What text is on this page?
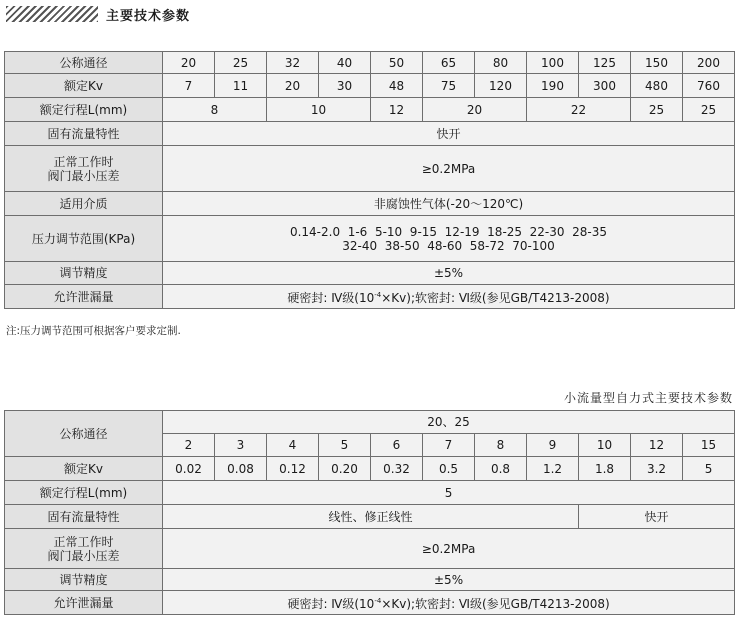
主要技术参数
公称通径	20	25	32	40	50	65	80	100	125	150	200
额定Kv	7	11	20	30	48	75	120	190	300	480	760
额定行程L(mm)	8		10		12	20		22		25	25
固有流量特性	快开										

正常工作时
阀门最小压差	≥0.2MPa										
适用介质	非腐蚀性气体(-20～120℃)										
压力调节范围(KPa)	0.14-2.0  1-6  5-10  9-15  12-19  18-25  22-30  28-35
32-40  38-50  48-60  58-72  70-100										

调节精度	±5%										
允许泄漏量	硬密封: Ⅳ级$(10^{-4}\times Kv)$;软密封: Ⅵ级(参见GB/T4213-2008)										
注:压力调节范围可根据客户要求定制.
小流量型自力式主要技术参数
公称通径	20、25										
	2	3	4	5	6	7	8	9	10	12	15
额定Kv	0.02	0.08	0.12	0.20	0.32	0.5	0.8	1.2	1.8	3.2	5
额定行程L(mm)	5										
固有流量特性	线性、修正线性								快开		

正常工作时
阀门最小压差	≥0.2MPa										
调节精度	±5%										
允许泄漏量	硬密封: Ⅳ级$(10^{-4}\times Kv)$;软密封: Ⅵ级(参见GB/T4213-2008)										
